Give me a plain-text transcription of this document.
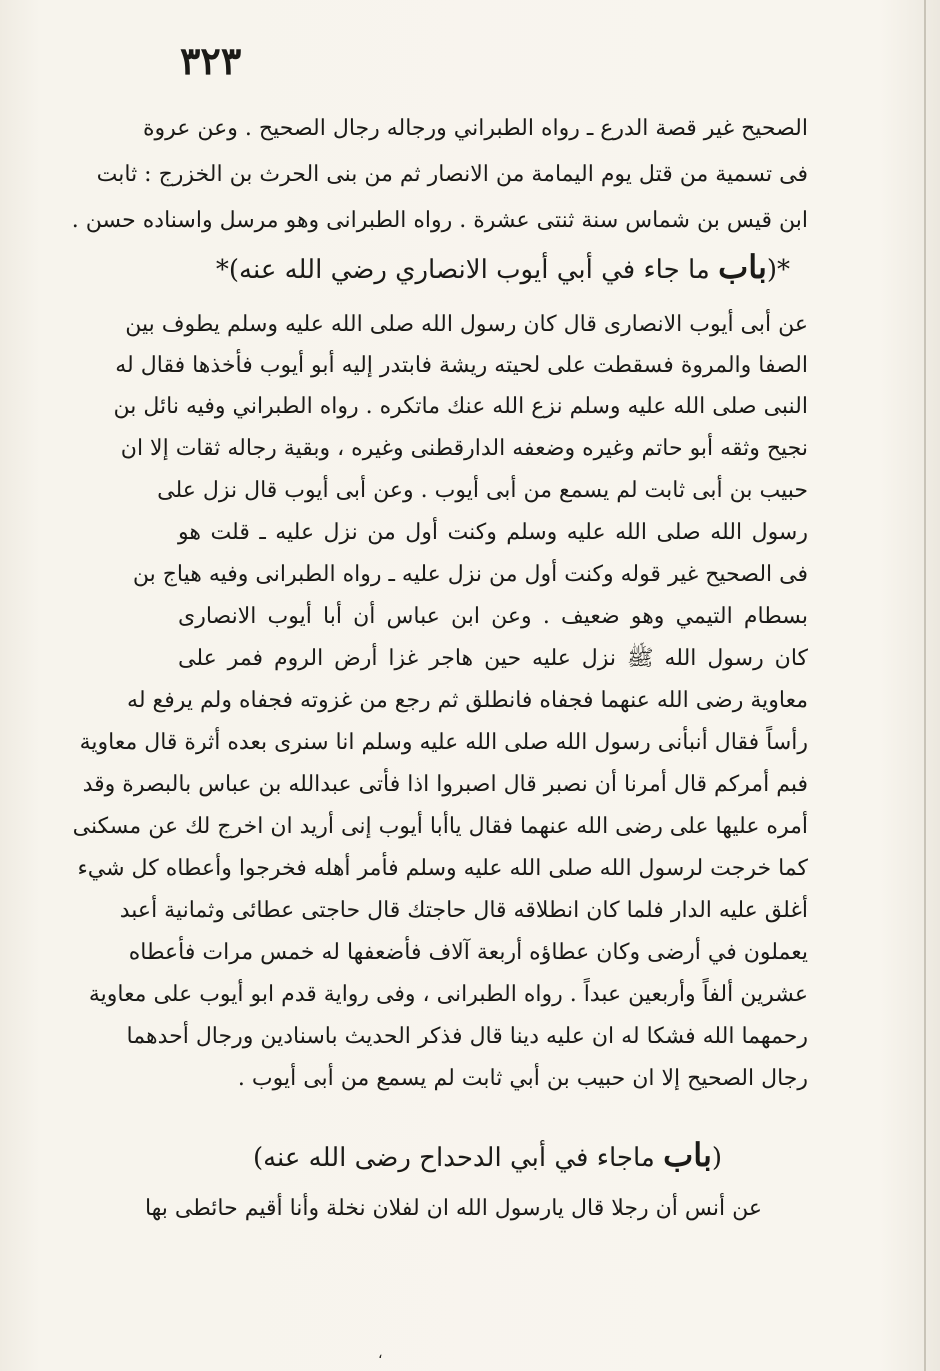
٣٢٣
الصحيح غير قصة الدرع ـ رواه الطبراني ورجاله رجال الصحيح . وعن عروة
فى تسمية من قتل يوم اليمامة من الانصار ثم من بنى الحرث بن الخزرج : ثابت
ابن قيس بن شماس سنة ثنتى عشرة . رواه الطبرانى وهو مرسل واسناده حسن .
*(باب ما جاء في أبي أيوب الانصاري رضي الله عنه)*
عن أبى أيوب الانصارى قال كان رسول الله صلى الله عليه وسلم يطوف بين
الصفا والمروة فسقطت على لحيته ريشة فابتدر إليه أبو أيوب فأخذها فقال له
النبى صلى الله عليه وسلم نزع الله عنك ماتكره . رواه الطبراني وفيه نائل بن
نجيح وثقه أبو حاتم وغيره وضعفه الدارقطنى وغيره ، وبقية رجاله ثقات إلا ان
حبيب بن أبى ثابت لم يسمع من أبى أيوب . وعن أبى أيوب قال نزل على
رسول الله صلى الله عليه وسلم وكنت أول من نزل عليه ـ قلت هو
فى الصحيح غير قوله وكنت أول من نزل عليه ـ رواه الطبرانى وفيه هياج بن
بسطام التيمي وهو ضعيف . وعن ابن عباس أن أبا أيوب الانصارى
كان رسول الله ﷺ نزل عليه حين هاجر غزا أرض الروم فمر على
معاوية رضى الله عنهما فجفاه فانطلق ثم رجع من غزوته فجفاه ولم يرفع له
رأساً فقال أنبأنى رسول الله صلى الله عليه وسلم انا سنرى بعده أثرة قال معاوية
فبم أمركم قال أمرنا أن نصبر قال اصبروا اذا فأتى عبدالله بن عباس بالبصرة وقد
أمره عليها على رضى الله عنهما فقال ياأبا أيوب إنى أريد ان اخرج لك عن مسكنى
كما خرجت لرسول الله صلى الله عليه وسلم فأمر أهله فخرجوا وأعطاه كل شيء
أغلق عليه الدار فلما كان انطلاقه قال حاجتك قال حاجتى عطائى وثمانية أعبد
يعملون في أرضى وكان عطاؤه أربعة آلاف فأضعفها له خمس مرات فأعطاه
عشرين ألفاً وأربعين عبداً . رواه الطبرانى ، وفى رواية قدم ابو أيوب على معاوية
رحمهما الله فشكا له ان عليه دينا قال فذكر الحديث باسنادين ورجال أحدهما
رجال الصحيح إلا ان حبيب بن أبي ثابت لم يسمع من أبى أيوب .
(باب ماجاء في أبي الدحداح رضى الله عنه)
عن أنس أن رجلا قال يارسول الله ان لفلان نخلة وأنا أقيم حائطى بها
،
